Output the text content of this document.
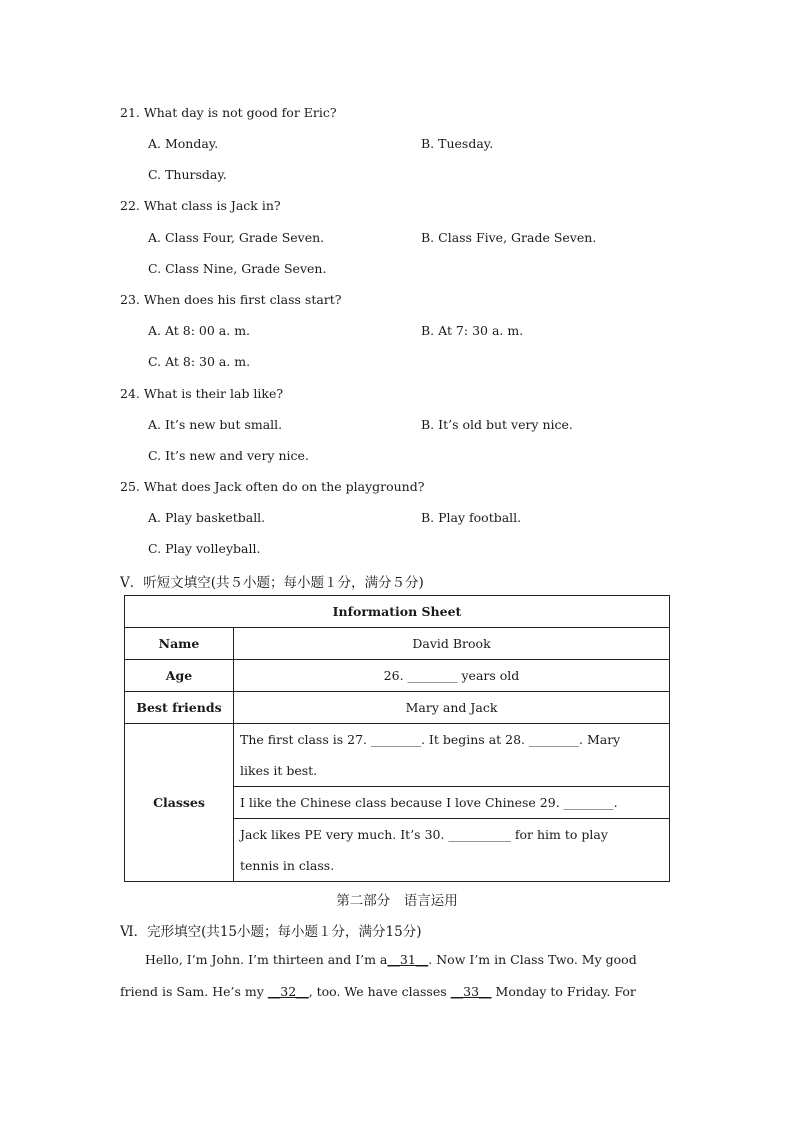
21. What day is not good for Eric?
A. Monday.	B. Tuesday.
C. Thursday.
22. What class is Jack in?
A. Class Four, Grade Seven.	B. Class Five, Grade Seven.
C. Class Nine, Grade Seven.
23. When does his first class start?
A. At 8: 00 a. m.	B. At 7: 30 a. m.
C. At 8: 30 a. m.
24. What is their lab like?
A. It’s new but small.	B. It’s old but very nice.
C. It’s new and very nice.
25. What does Jack often do on the playground?
A. Play basketball.	B. Play football.
C. Play volleyball.
V．听短文填空(共５小题；每小题１分，满分５分)
Information Sheet	
Name	David Brook
Age	26. ________ years old
Best friends	Mary and Jack
Classes	The first class is 27. ________. It begins at 28. ________. Mary
likes it best.

	I like the Chinese class because I love Chinese 29. ________.

	Jack likes PE very much. It’s 30. __________ for him to play
tennis in class.
第二部分　语言运用
Ⅵ．完形填空(共15小题；每小题１分，满分15分)
Hello, I’m John. I’m thirteen and I’m a__31__. Now I’m in Class Two. My good
friend is Sam. He’s my __32__, too. We have classes __33__ Monday to Friday. For
